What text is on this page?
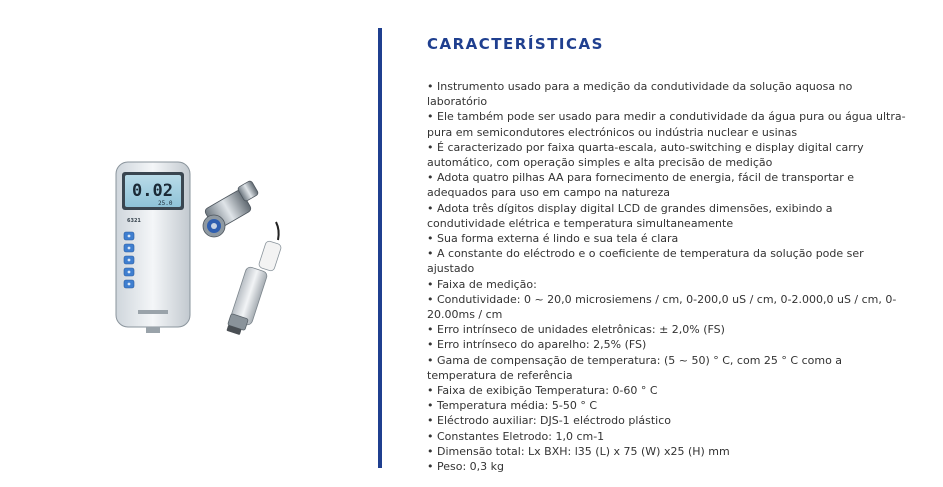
0.02
25.0
6321
CARACTERÍSTICAS
• Instrumento usado para a medição da condutividade da solução aquosa no laboratório
• Ele também pode ser usado para medir a condutividade da água pura ou água ultra-pura em semicondutores electrónicos ou indústria nuclear e usinas
• É caracterizado por faixa quarta-escala, auto-switching e display digital carry automático, com operação simples e alta precisão de medição
• Adota quatro pilhas AA para fornecimento de energia, fácil de transportar e adequados para uso em campo na natureza
• Adota três dígitos display digital LCD de grandes dimensões, exibindo a condutividade elétrica e temperatura simultaneamente
• Sua forma externa é lindo e sua tela é clara
• A constante do eléctrodo e o coeficiente de temperatura da solução pode ser ajustado
• Faixa de medição:
• Condutividade: 0 ~ 20,0 microsiemens / cm, 0-200,0 uS / cm, 0-2.000,0 uS / cm, 0-20.00ms / cm
• Erro intrínseco de unidades eletrônicas: ± 2,0% (FS)
• Erro intrínseco do aparelho: 2,5% (FS)
• Gama de compensação de temperatura: (5 ~ 50) ° C, com 25 ° C como a temperatura de referência
• Faixa de exibição Temperatura: 0-60 ° C
• Temperatura média: 5-50 ° C
• Eléctrodo auxiliar: DJS-1 eléctrodo plástico
• Constantes Eletrodo: 1,0 cm-1
• Dimensão total: Lx BXH: l35 (L) x 75 (W) x25 (H) mm
• Peso: 0,3 kg
